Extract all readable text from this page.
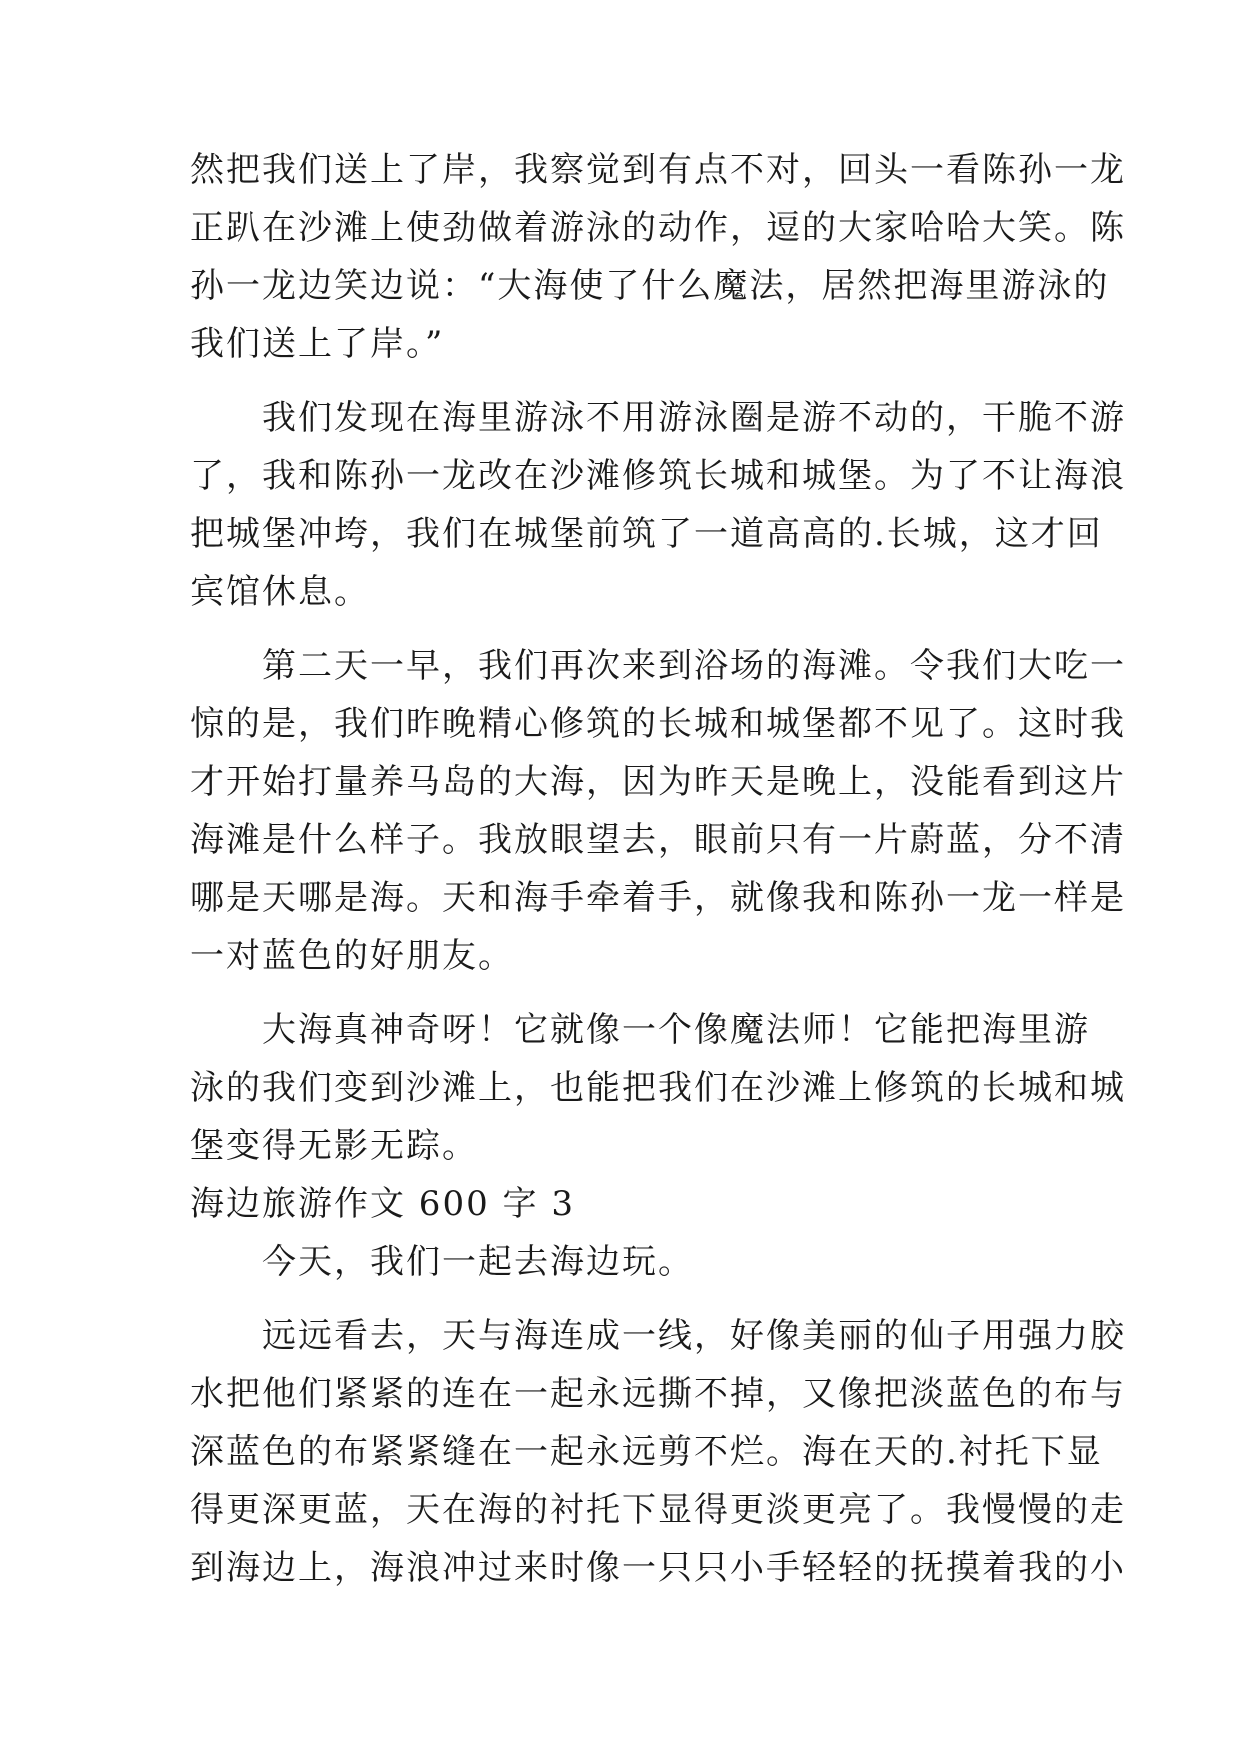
然把我们送上了岸，我察觉到有点不对，回头一看陈孙一龙
正趴在沙滩上使劲做着游泳的动作，逗的大家哈哈大笑。陈
孙一龙边笑边说：“大海使了什么魔法，居然把海里游泳的
我们送上了岸。”
　　我们发现在海里游泳不用游泳圈是游不动的，干脆不游
了，我和陈孙一龙改在沙滩修筑长城和城堡。为了不让海浪
把城堡冲垮，我们在城堡前筑了一道高高的.长城，这才回
宾馆休息。
　　第二天一早，我们再次来到浴场的海滩。令我们大吃一
惊的是，我们昨晚精心修筑的长城和城堡都不见了。这时我
才开始打量养马岛的大海，因为昨天是晚上，没能看到这片
海滩是什么样子。我放眼望去，眼前只有一片蔚蓝，分不清
哪是天哪是海。天和海手牵着手，就像我和陈孙一龙一样是
一对蓝色的好朋友。
　　大海真神奇呀！它就像一个像魔法师！它能把海里游
泳的我们变到沙滩上，也能把我们在沙滩上修筑的长城和城
堡变得无影无踪。
海边旅游作文 600 字 3
　　今天，我们一起去海边玩。
　　远远看去，天与海连成一线，好像美丽的仙子用强力胶
水把他们紧紧的连在一起永远撕不掉，又像把淡蓝色的布与
深蓝色的布紧紧缝在一起永远剪不烂。海在天的.衬托下显
得更深更蓝，天在海的衬托下显得更淡更亮了。我慢慢的走
到海边上，海浪冲过来时像一只只小手轻轻的抚摸着我的小
